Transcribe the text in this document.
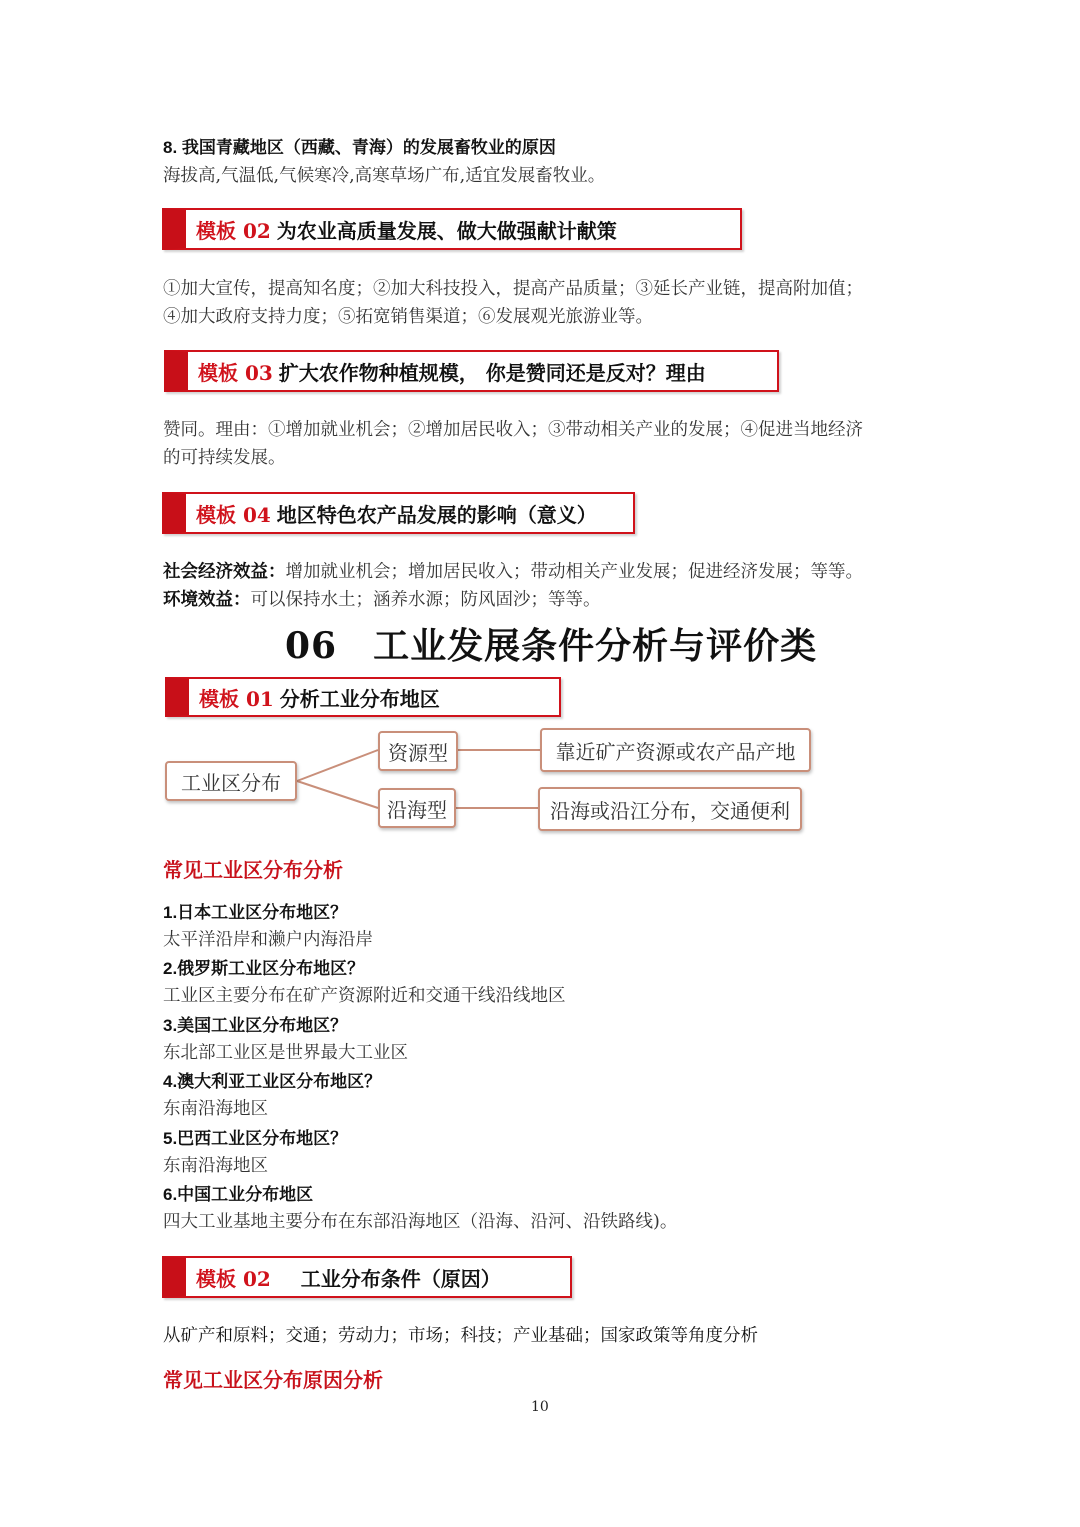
8. 我国青藏地区（西藏、青海）的发展畜牧业的原因
海拔高,气温低,气候寒冷,高寒草场广布,适宜发展畜牧业。
模板 02 为农业高质量发展、做大做强献计献策
①加大宣传，提高知名度；②加大科技投入，提高产品质量；③延长产业链，提高附加值；
④加大政府支持力度；⑤拓宽销售渠道；⑥发展观光旅游业等。
模板 03 扩大农作物种植规模， 你是赞同还是反对？理由
赞同。理由：①增加就业机会；②增加居民收入；③带动相关产业的发展；④促进当地经济
的可持续发展。
模板 04 地区特色农产品发展的影响（意义）
社会经济效益：增加就业机会；增加居民收入；带动相关产业发展；促进经济发展；等等。
环境效益：可以保持水土；涵养水源；防风固沙；等等。
06 工业发展条件分析与评价类
模板 01 分析工业分布地区
工业区分布
资源型	靠近矿产资源或农产品产地
沿海型	沿海或沿江分布，交通便利
常见工业区分布分析
1.日本工业区分布地区？
太平洋沿岸和濑户内海沿岸
2.俄罗斯工业区分布地区？
工业区主要分布在矿产资源附近和交通干线沿线地区
3.美国工业区分布地区？
东北部工业区是世界最大工业区
4.澳大利亚工业区分布地区？
东南沿海地区
5.巴西工业区分布地区？
东南沿海地区
6.中国工业分布地区
四大工业基地主要分布在东部沿海地区（沿海、沿河、沿铁路线)。
模板 02 工业分布条件（原因）
从矿产和原料；交通；劳动力；市场；科技；产业基础；国家政策等角度分析
常见工业区分布原因分析
10
